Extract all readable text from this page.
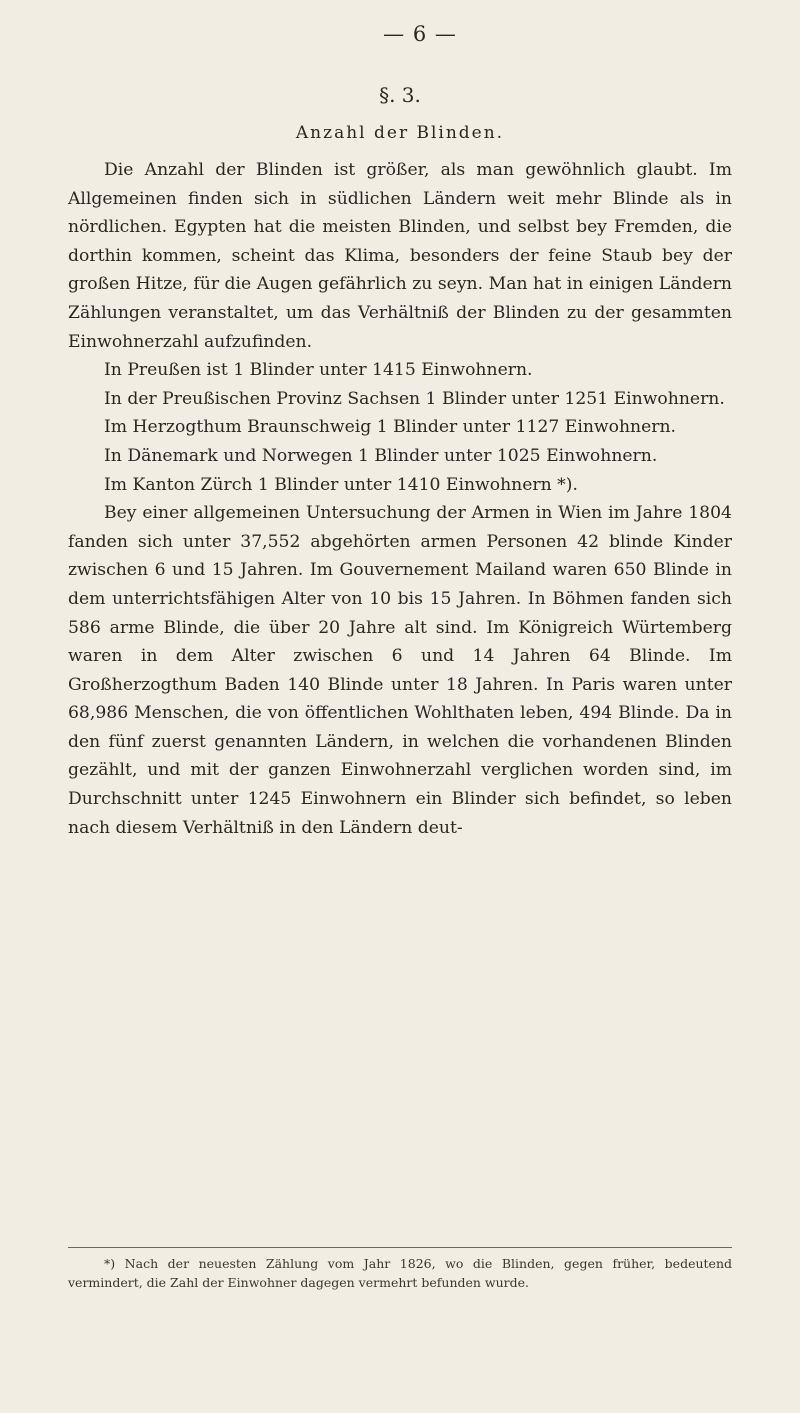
— 6 —
§. 3.
Anzahl der Blinden.

Die Anzahl der Blinden ist größer, als man gewöhnlich glaubt. Im Allgemeinen finden sich in südlichen Ländern weit mehr Blinde als in nördlichen. Egypten hat die meisten Blinden, und selbst bey Fremden, die dorthin kommen, scheint das Klima, besonders der feine Staub bey der großen Hitze, für die Augen gefährlich zu seyn. Man hat in einigen Ländern Zählungen veranstaltet, um das Verhältniß der Blinden zu der gesammten Einwohnerzahl aufzufinden.

In Preußen ist 1 Blinder unter 1415 Einwohnern.

In der Preußischen Provinz Sachsen 1 Blinder unter 1251 Einwohnern.

Im Herzogthum Braunschweig 1 Blinder unter 1127 Einwohnern.

In Dänemark und Norwegen 1 Blinder unter 1025 Einwohnern.

Im Kanton Zürch 1 Blinder unter 1410 Einwohnern *).

Bey einer allgemeinen Untersuchung der Armen in Wien im Jahre 1804 fanden sich unter 37,552 abgehörten armen Personen 42 blinde Kinder zwischen 6 und 15 Jahren. Im Gouvernement Mailand waren 650 Blinde in dem unterrichtsfähigen Alter von 10 bis 15 Jahren. In Böhmen fanden sich 586 arme Blinde, die über 20 Jahre alt sind. Im Königreich Würtemberg waren in dem Alter zwischen 6 und 14 Jahren 64 Blinde. Im Großherzogthum Baden 140 Blinde unter 18 Jahren. In Paris waren unter 68,986 Menschen, die von öffentlichen Wohlthaten leben, 494 Blinde. Da in den fünf zuerst genannten Ländern, in welchen die vorhandenen Blinden gezählt, und mit der ganzen Einwohnerzahl verglichen worden sind, im Durchschnitt unter 1245 Einwohnern ein Blinder sich befindet, so leben nach diesem Verhältniß in den Ländern deut-

*) Nach der neuesten Zählung vom Jahr 1826, wo die Blinden, gegen früher, bedeutend vermindert, die Zahl der Einwohner dagegen vermehrt befunden wurde.
